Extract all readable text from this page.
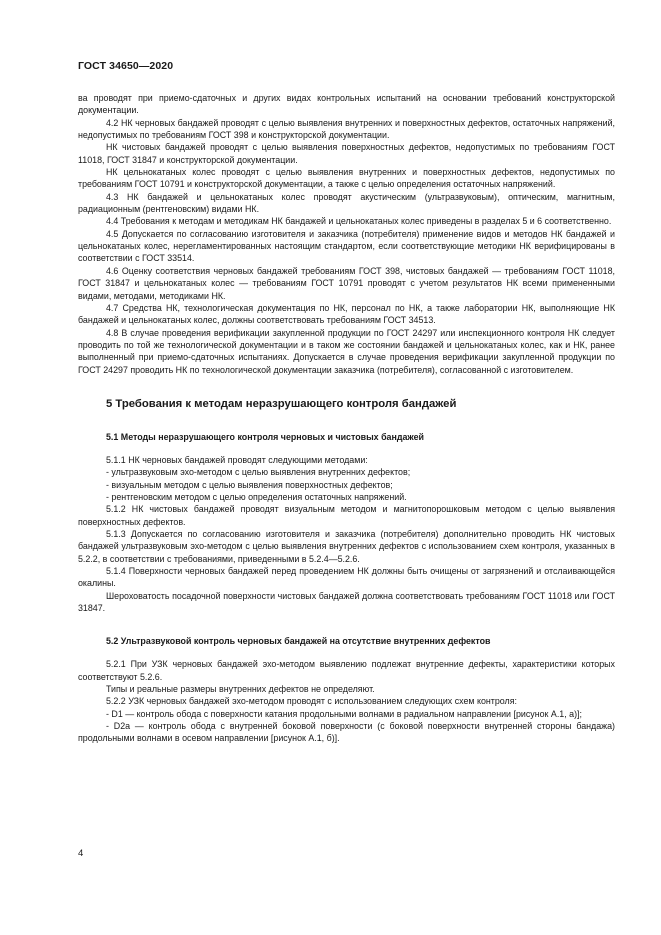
ГОСТ 34650—2020

ва проводят при приемо-сдаточных и других видах контрольных испытаний на основании требований конструкторской документации.

4.2 НК черновых бандажей проводят с целью выявления внутренних и поверхностных дефектов, остаточных напряжений, недопустимых по требованиям ГОСТ 398 и конструкторской документации.

НК чистовых бандажей проводят с целью выявления поверхностных дефектов, недопустимых по требованиям ГОСТ 11018, ГОСТ 31847 и конструкторской документации.

НК цельнокатаных колес проводят с целью выявления внутренних и поверхностных дефектов, недопустимых по требованиям ГОСТ 10791 и конструкторской документации, а также с целью определения остаточных напряжений.

4.3 НК бандажей и цельнокатаных колес проводят акустическим (ультразвуковым), оптическим, магнитным, радиационным (рентгеновским) видами НК.

4.4 Требования к методам и методикам НК бандажей и цельнокатаных колес приведены в разделах 5 и 6 соответственно.

4.5 Допускается по согласованию изготовителя и заказчика (потребителя) применение видов и методов НК бандажей и цельнокатаных колес, нерегламентированных настоящим стандартом, если соответствующие методики НК верифицированы в соответствии с ГОСТ 33514.

4.6 Оценку соответствия черновых бандажей требованиям ГОСТ 398, чистовых бандажей — требованиям ГОСТ 11018, ГОСТ 31847 и цельнокатаных колес — требованиям ГОСТ 10791 проводят с учетом результатов НК всеми примененными видами, методами, методиками НК.

4.7 Средства НК, технологическая документация по НК, персонал по НК, а также лаборатории НК, выполняющие НК бандажей и цельнокатаных колес, должны соответствовать требованиям ГОСТ 34513.

4.8 В случае проведения верификации закупленной продукции по ГОСТ 24297 или инспекционного контроля НК следует проводить по той же технологической документации и в таком же состоянии бандажей и цельнокатаных колес, как и НК, ранее выполненный при приемо-сдаточных испытаниях. Допускается в случае проведения верификации закупленной продукции по ГОСТ 24297 проводить НК по технологической документации заказчика (потребителя), согласованной с изготовителем.

5 Требования к методам неразрушающего контроля бандажей
5.1 Методы неразрушающего контроля черновых и чистовых бандажей

5.1.1 НК черновых бандажей проводят следующими методами:

- ультразвуковым эхо-методом с целью выявления внутренних дефектов;

- визуальным методом с целью выявления поверхностных дефектов;

- рентгеновским методом с целью определения остаточных напряжений.

5.1.2 НК чистовых бандажей проводят визуальным методом и магнитопорошковым методом с целью выявления поверхностных дефектов.

5.1.3 Допускается по согласованию изготовителя и заказчика (потребителя) дополнительно проводить НК чистовых бандажей ультразвуковым эхо-методом с целью выявления внутренних дефектов с использованием схем контроля, указанных в 5.2.2, в соответствии с требованиями, приведенными в 5.2.4—5.2.6.

5.1.4 Поверхности черновых бандажей перед проведением НК должны быть очищены от загрязнений и отслаивающейся окалины.

Шероховатость посадочной поверхности чистовых бандажей должна соответствовать требованиям ГОСТ 11018 или ГОСТ 31847.

5.2 Ультразвуковой контроль черновых бандажей на отсутствие внутренних дефектов

5.2.1 При УЗК черновых бандажей эхо-методом выявлению подлежат внутренние дефекты, характеристики которых соответствуют 5.2.6.

Типы и реальные размеры внутренних дефектов не определяют.

5.2.2 УЗК черновых бандажей эхо-методом проводят с использованием следующих схем контроля:

- D1 — контроль обода с поверхности катания продольными волнами в радиальном направлении [рисунок А.1, а)];

- D2a — контроль обода с внутренней боковой поверхности (с боковой поверхности внутренней стороны бандажа) продольными волнами в осевом направлении [рисунок А.1, б)].

4
